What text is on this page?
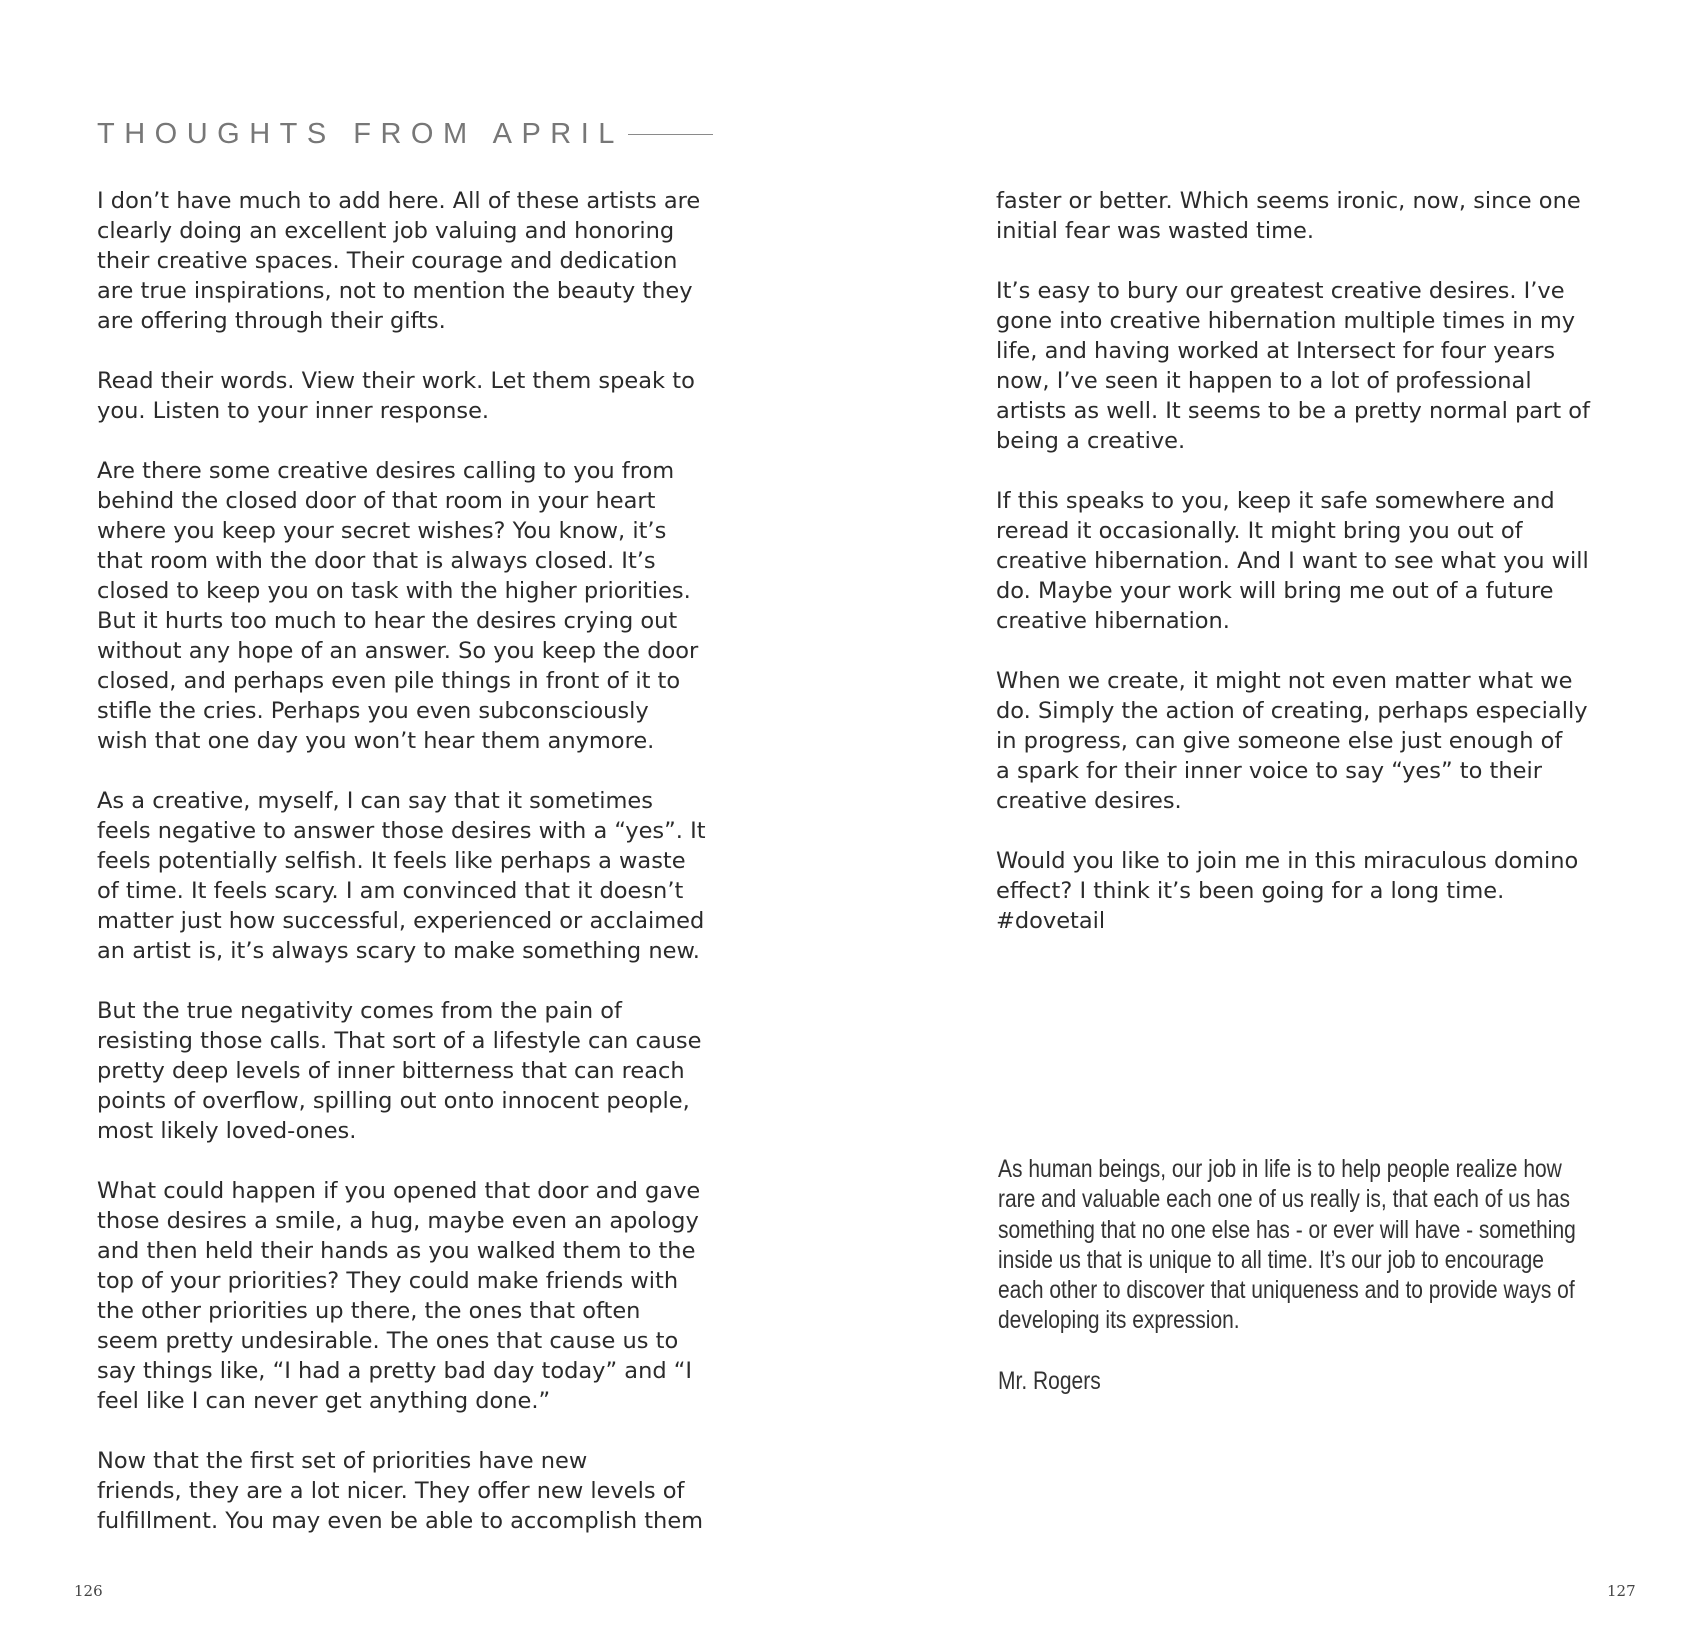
THOUGHTS FROM APRIL
I don’t have much to add here. All of these artists are
clearly doing an excellent job valuing and honoring
their creative spaces. Their courage and dedication
are true inspirations, not to mention the beauty they
are offering through their gifts.
Read their words. View their work. Let them speak to
you. Listen to your inner response.
Are there some creative desires calling to you from
behind the closed door of that room in your heart
where you keep your secret wishes? You know, it’s
that room with the door that is always closed. It’s
closed to keep you on task with the higher priorities.
But it hurts too much to hear the desires crying out
without any hope of an answer. So you keep the door
closed, and perhaps even pile things in front of it to
stifle the cries. Perhaps you even subconsciously
wish that one day you won’t hear them anymore.
As a creative, myself, I can say that it sometimes
feels negative to answer those desires with a “yes”. It
feels potentially selfish. It feels like perhaps a waste
of time. It feels scary. I am convinced that it doesn’t
matter just how successful, experienced or acclaimed
an artist is, it’s always scary to make something new.
But the true negativity comes from the pain of
resisting those calls. That sort of a lifestyle can cause
pretty deep levels of inner bitterness that can reach
points of overflow, spilling out onto innocent people,
most likely loved-ones.
What could happen if you opened that door and gave
those desires a smile, a hug, maybe even an apology
and then held their hands as you walked them to the
top of your priorities? They could make friends with
the other priorities up there, the ones that often
seem pretty undesirable. The ones that cause us to
say things like, “I had a pretty bad day today” and “I
feel like I can never get anything done.”
Now that the first set of priorities have new
friends, they are a lot nicer. They offer new levels of
fulfillment. You may even be able to accomplish them
126
faster or better. Which seems ironic, now, since one
initial fear was wasted time.
It’s easy to bury our greatest creative desires. I’ve
gone into creative hibernation multiple times in my
life, and having worked at Intersect for four years
now, I’ve seen it happen to a lot of professional
artists as well. It seems to be a pretty normal part of
being a creative.
If this speaks to you, keep it safe somewhere and
reread it occasionally. It might bring you out of
creative hibernation. And I want to see what you will
do. Maybe your work will bring me out of a future
creative hibernation.
When we create, it might not even matter what we
do. Simply the action of creating, perhaps especially
in progress, can give someone else just enough of
a spark for their inner voice to say “yes” to their
creative desires.
Would you like to join me in this miraculous domino
effect? I think it’s been going for a long time.
#dovetail
As human beings, our job in life is to help people realize how
rare and valuable each one of us really is, that each of us has
something that no one else has - or ever will have - something
inside us that is unique to all time. It’s our job to encourage
each other to discover that uniqueness and to provide ways of
developing its expression.
Mr. Rogers
127
